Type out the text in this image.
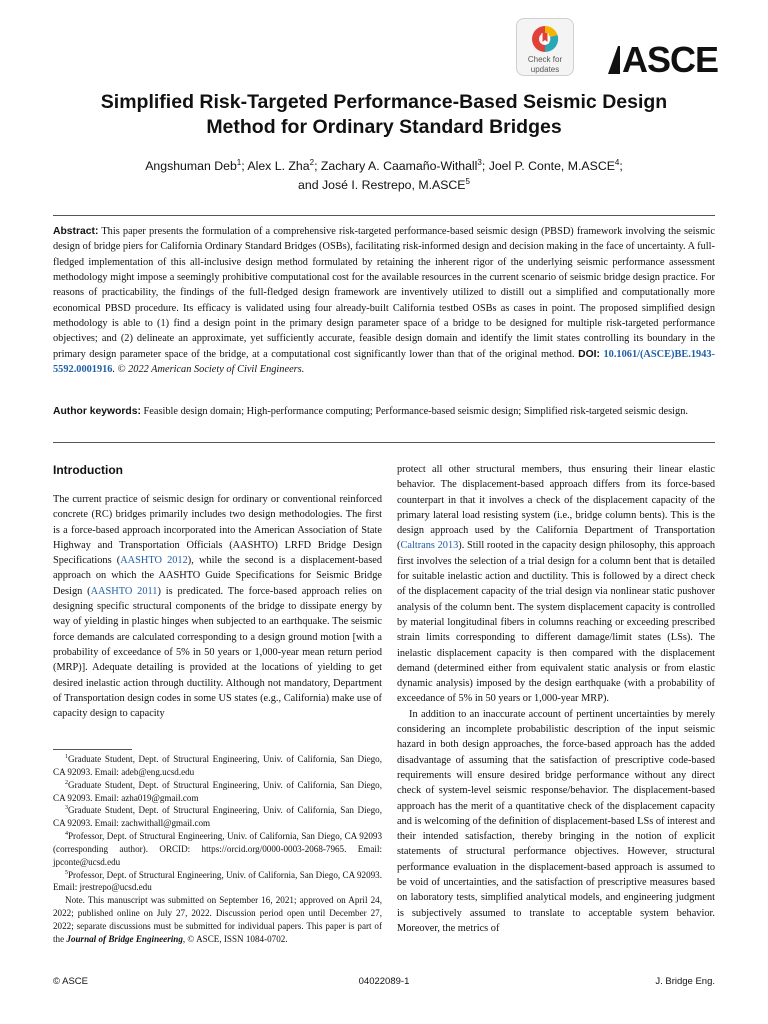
Check for
updates	ASCE
Simplified Risk-Targeted Performance-Based Seismic Design
Method for Ordinary Standard Bridges
Angshuman Deb$^1$; Alex L. Zha$^2$; Zachary A. Caamaño-Withall$^3$; Joel P. Conte, M.ASCE$^4$;
and José I. Restrepo, M.ASCE$^5$

Abstract: This paper presents the formulation of a comprehensive risk-targeted performance-based seismic design (PBSD) framework involving the seismic design of bridge piers for California Ordinary Standard Bridges (OSBs), facilitating risk-informed design and decision making in the face of uncertainty. A full-fledged implementation of this all-inclusive design method formulated by retaining the inherent rigor of the underlying seismic performance assessment methodology might impose a seemingly prohibitive computational cost for the available resources in the current scenario of seismic bridge design practice. For reasons of practicability, the findings of the full-fledged design framework are inventively utilized to distill out a simplified and computationally more economical PBSD procedure. Its efficacy is validated using four already-built California testbed OSBs as cases in point. The proposed simplified design methodology is able to (1) find a design point in the primary design parameter space of a bridge to be designed for multiple risk-targeted performance objectives; and (2) delineate an approximate, yet sufficiently accurate, feasible design domain and identify the limit states controlling its boundary in the primary design parameter space of the bridge, at a computational cost significantly lower than that of the original method. DOI: 10.1061/(ASCE)BE.1943-5592.0001916. © 2022 American Society of Civil Engineers.

Author keywords: Feasible design domain; High-performance computing; Performance-based seismic design; Simplified risk-targeted seismic design.

Introduction

The current practice of seismic design for ordinary or conventional reinforced concrete (RC) bridges primarily includes two design methodologies. The first is a force-based approach incorporated into the American Association of State Highway and Transportation Officials (AASHTO) LRFD Bridge Design Specifications (AASHTO 2012), while the second is a displacement-based approach on which the AASHTO Guide Specifications for Seismic Bridge Design (AASHTO 2011) is predicated. The force-based approach relies on designing specific structural components of the bridge to dissipate energy by way of yielding in plastic hinges when subjected to an earthquake. The seismic force demands are calculated corresponding to a design ground motion [with a probability of exceedance of 5% in 50 years or 1,000-year mean return period (MRP)]. Adequate detailing is provided at the locations of yielding to get desired inelastic action through ductility. Although not mandatory, Department of Transportation design codes in some US states (e.g., California) make use of capacity design to capacity

$^1$Graduate Student, Dept. of Structural Engineering, Univ. of California, San Diego, CA 92093. Email: adeb@eng.ucsd.edu

$^2$Graduate Student, Dept. of Structural Engineering, Univ. of California, San Diego, CA 92093. Email: azha019@gmail.com

$^3$Graduate Student, Dept. of Structural Engineering, Univ. of California, San Diego, CA 92093. Email: zachwithall@gmail.com

$^4$Professor, Dept. of Structural Engineering, Univ. of California, San Diego, CA 92093 (corresponding author). ORCID: https://orcid.org/0000-0003-2068-7965. Email: jpconte@ucsd.edu

$^5$Professor, Dept. of Structural Engineering, Univ. of California, San Diego, CA 92093. Email: jrestrepo@ucsd.edu

Note. This manuscript was submitted on September 16, 2021; approved on April 24, 2022; published online on July 27, 2022. Discussion period open until December 27, 2022; separate discussions must be submitted for individual papers. This paper is part of the Journal of Bridge Engineering, © ASCE, ISSN 1084-0702.

protect all other structural members, thus ensuring their linear elastic behavior. The displacement-based approach differs from its force-based counterpart in that it involves a check of the displacement capacity of the primary lateral load resisting system (i.e., bridge column bents). This is the design approach used by the California Department of Transportation (Caltrans 2013). Still rooted in the capacity design philosophy, this approach first involves the selection of a trial design for a column bent that is detailed for suitable inelastic action and ductility. This is followed by a direct check of the displacement capacity of the trial design via nonlinear static pushover analysis of the column bent. The system displacement capacity is controlled by material longitudinal fibers in columns reaching or exceeding prescribed strain limits corresponding to different damage/limit states (LSs). The inelastic displacement capacity is then compared with the displacement demand (determined either from equivalent static analysis or from elastic dynamic analysis) imposed by the design earthquake (with a probability of exceedance of 5% in 50 years or 1,000-year MRP).

In addition to an inaccurate account of pertinent uncertainties by merely considering an incomplete probabilistic description of the input seismic hazard in both design approaches, the force-based approach has the added disadvantage of assuming that the satisfaction of prescriptive code-based requirements will ensure desired bridge performance without any direct check of system-level seismic response/behavior. The displacement-based approach has the merit of a quantitative check of the displacement capacity and is welcoming of the definition of displacement-based LSs of interest and their intended satisfaction, thereby bringing in the notion of explicit statements of structural performance objectives. However, structural performance evaluation in the displacement-based approach is assumed to be void of uncertainties, and the satisfaction of prescriptive measures based on laboratory tests, simplified analytical models, and engineering judgment is subjectively assumed to translate to acceptable system behavior. Moreover, the metrics of

04022089-1
© ASCE	J. Bridge Eng.
